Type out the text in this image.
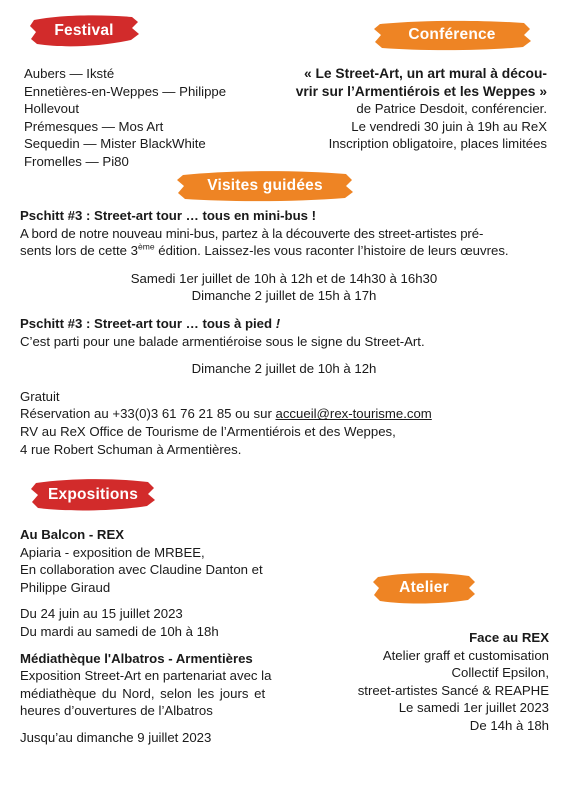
Festival	Conférence
Aubers — Iksté
Ennetières-en-Weppes — Philippe
Hollevout
Prémesques — Mos Art
Sequedin — Mister BlackWhite
Fromelles — Pi80
« Le Street-Art, un art mural à décou-
vrir sur l’Armentiérois et les Weppes »
de Patrice Desdoit, conférencier.
Le vendredi 30 juin à 19h au ReX
Inscription obligatoire, places limitées
Visites guidées
Pschitt #3 : Street-art tour … tous en mini-bus !
A bord de notre nouveau mini-bus, partez à la découverte des street-artistes pré-
sents lors de cette 3ème édition. Laissez-les vous raconter l’histoire de leurs œuvres.
Samedi 1er juillet de 10h à 12h et de 14h30 à 16h30
Dimanche 2 juillet de 15h à 17h
Pschitt #3 : Street-art tour … tous à pied !
C’est parti pour une balade armentiéroise sous le signe du Street-Art.
Dimanche 2 juillet de 10h à 12h
Gratuit
Réservation au +33(0)3 61 76 21 85 ou sur accueil@rex-tourisme.com
RV au ReX Office de Tourisme de l’Armentiérois et des Weppes,
4 rue Robert Schuman à Armentières.
Expositions
Au Balcon - REX
Apiaria - exposition de MRBEE,
En collaboration avec Claudine Danton et
Philippe Giraud
Du 24 juin au 15 juillet 2023
Du mardi au samedi de 10h à 18h
Médiathèque l'Albatros - Armentières
Exposition Street-Art en partenariat avec la
médiathèque du Nord, selon les jours et
heures d’ouvertures de l’Albatros
Jusqu’au dimanche 9 juillet 2023
Atelier
Face au REX
Atelier graff et customisation
Collectif Epsilon,
street-artistes Sancé & REAPHE
Le samedi 1er juillet 2023
De 14h à 18h
